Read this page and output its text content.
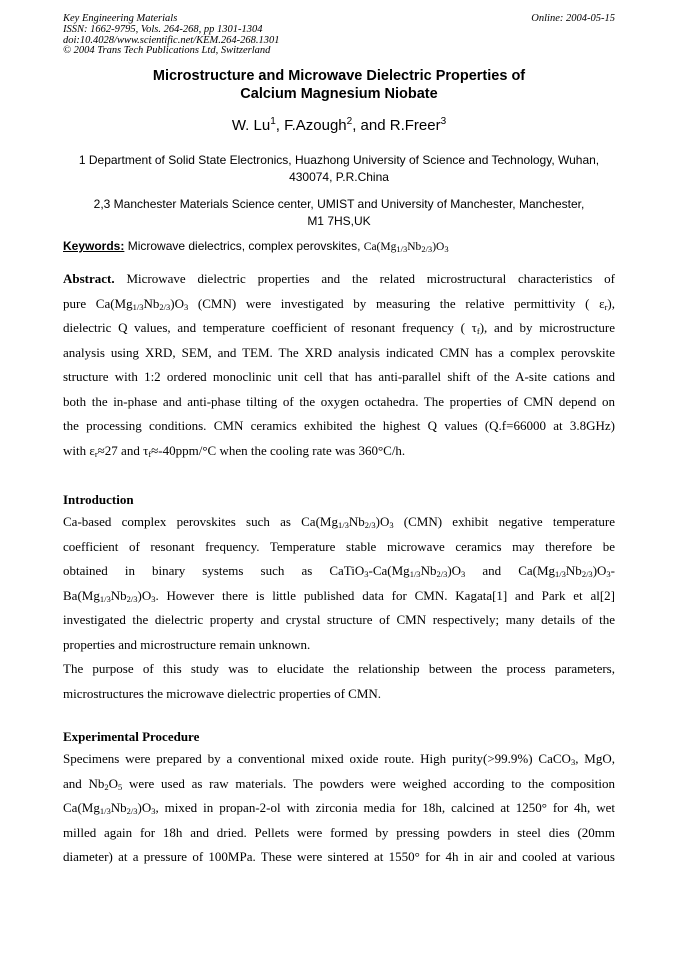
Key Engineering Materials
ISSN: 1662-9795, Vols. 264-268, pp 1301-1304
doi:10.4028/www.scientific.net/KEM.264-268.1301
© 2004 Trans Tech Publications Ltd, Switzerland
Online: 2004-05-15
Microstructure and Microwave Dielectric Properties of
Calcium Magnesium Niobate
W. Lu$^1$, F.Azough$^2$, and R.Freer$^3$
1 Department of Solid State Electronics, Huazhong University of Science and Technology, Wuhan,
430074, P.R.China
2,3 Manchester Materials Science center, UMIST and University of Manchester, Manchester,
M1 7HS,UK
Keywords: Microwave dielectrics, complex perovskites, $Ca(Mg_{1/3}Nb_{2/3})O_3$
Abstract. Microwave dielectric properties and the related microstructural characteristics of
pure $Ca(Mg_{1/3}Nb_{2/3})O_3$ (CMN) were investigated by measuring the relative permittivity ( $\varepsilon_r$),
dielectric Q values, and temperature coefficient of resonant frequency ( $\tau_f$), and by microstructure
analysis using XRD, SEM, and TEM. The XRD analysis indicated CMN has a complex perovskite
structure with 1:2 ordered monoclinic unit cell that has anti-parallel shift of the A-site cations and
both the in-phase and anti-phase tilting of the oxygen octahedra. The properties of CMN depend on
the processing conditions. CMN ceramics exhibited the highest Q values (Q.f=66000 at 3.8GHz)
with $\varepsilon_r\approx 27$ and $\tau_f\approx-40ppm/^\circ C$ when the cooling rate was 360°C/h.
Introduction
Ca-based complex perovskites such as $Ca(Mg_{1/3}Nb_{2/3})O_3$ (CMN) exhibit negative temperature
coefficient of resonant frequency. Temperature stable microwave ceramics may therefore be
obtained in binary systems such as $CaTiO_3-Ca(Mg_{1/3}Nb_{2/3})O_3$ and $Ca(Mg_{1/3}Nb_{2/3})O_3-$
$Ba(Mg_{1/3}Nb_{2/3})O_3$. However there is little published data for CMN. Kagata[1] and Park et al[2]
investigated the dielectric property and crystal structure of CMN respectively; many details of the
properties and microstructure remain unknown.
The purpose of this study was to elucidate the relationship between the process parameters,
microstructures the microwave dielectric properties of CMN.
Experimental Procedure
Specimens were prepared by a conventional mixed oxide route. High purity(>99.9%) CaCO$_3$, MgO,
and $Nb_2O_5$ were used as raw materials. The powders were weighed according to the composition
$Ca(Mg_{1/3}Nb_{2/3})O_3$, mixed in propan-2-ol with zirconia media for 18h, calcined at 1250° for 4h, wet
milled again for 18h and dried. Pellets were formed by pressing powders in steel dies (20mm
diameter) at a pressure of 100MPa. These were sintered at 1550° for 4h in air and cooled at various
